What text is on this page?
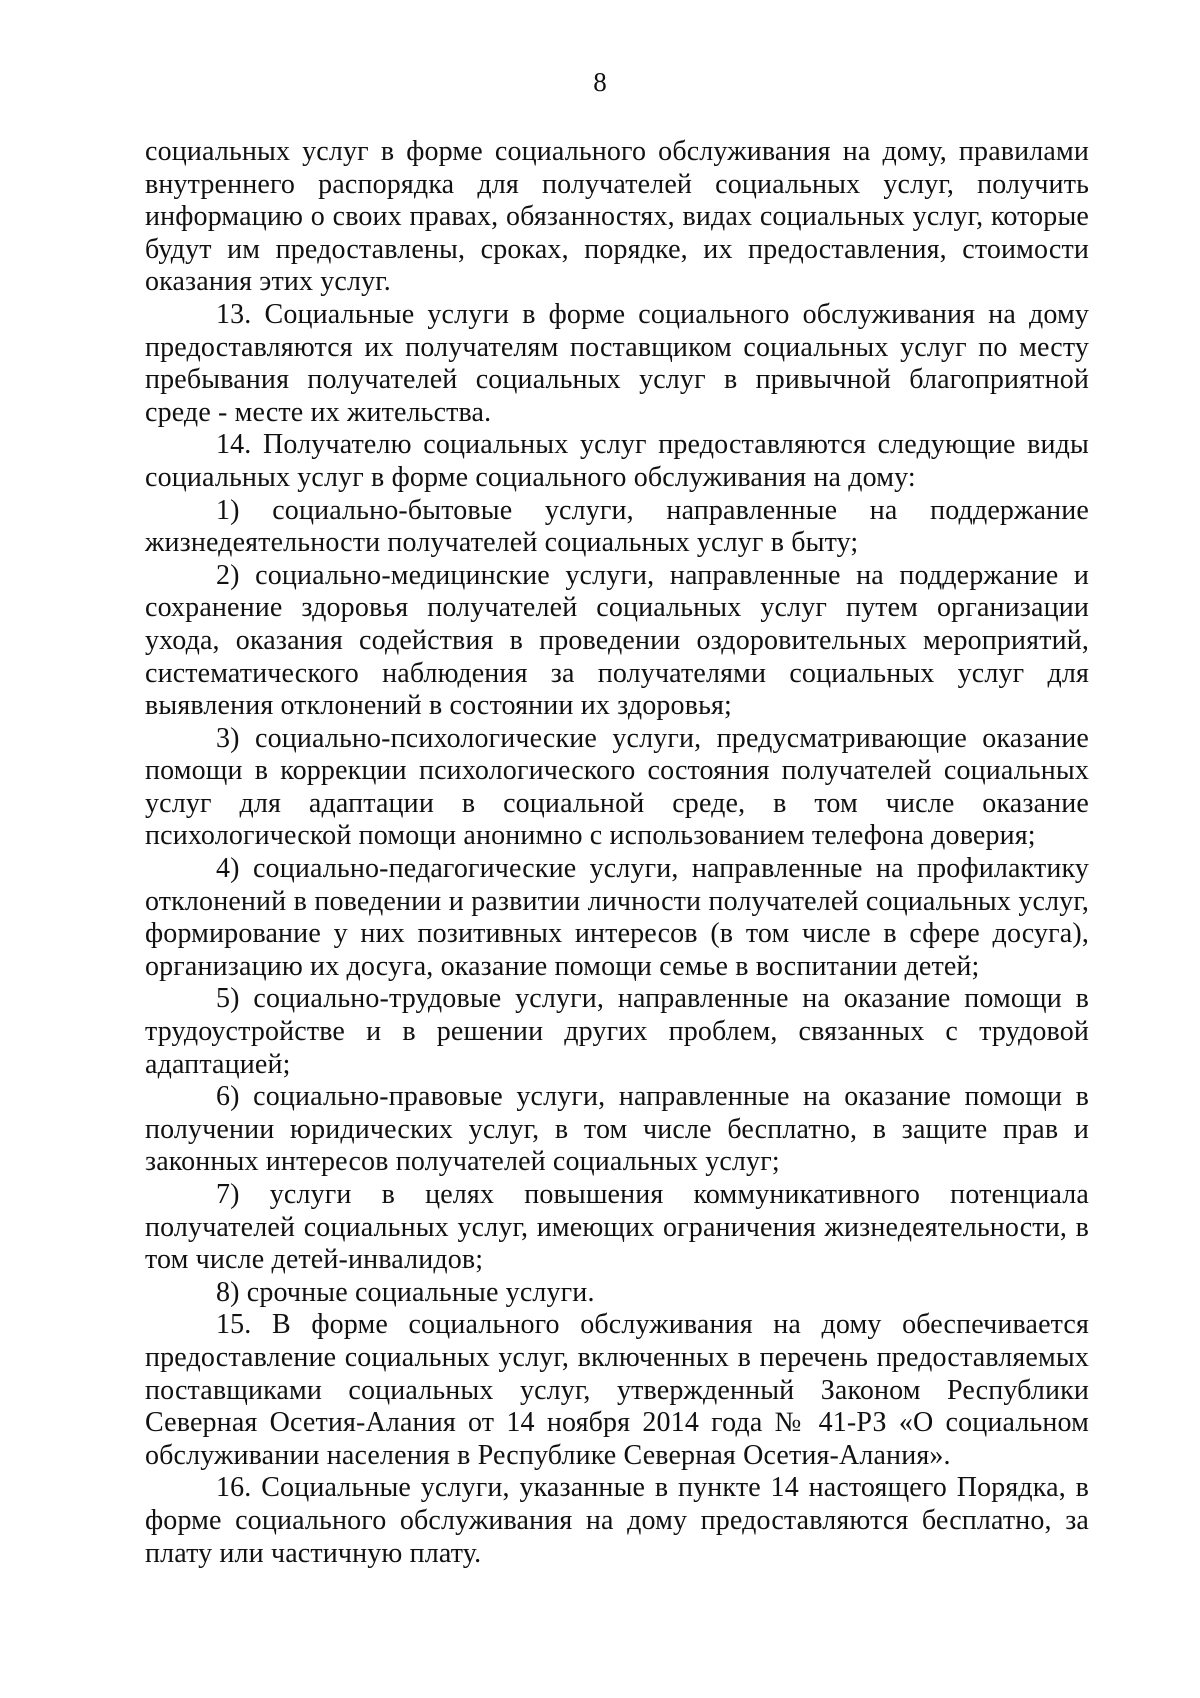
8

социальных услуг в форме социального обслуживания на дому, правилами внутреннего распорядка для получателей социальных услуг, получить информацию о своих правах, обязанностях, видах социальных услуг, которые будут им предоставлены, сроках, порядке, их предоставления, стоимости оказания этих услуг.

13. Социальные услуги в форме социального обслуживания на дому предоставляются их получателям поставщиком социальных услуг по месту пребывания получателей социальных услуг в привычной благоприятной среде - месте их жительства.

14. Получателю социальных услуг предоставляются следующие виды социальных услуг в форме социального обслуживания на дому:

1) социально-бытовые услуги, направленные на поддержание жизнедеятельности получателей социальных услуг в быту;

2) социально-медицинские услуги, направленные на поддержание и сохранение здоровья получателей социальных услуг путем организации ухода, оказания содействия в проведении оздоровительных мероприятий, систематического наблюдения за получателями социальных услуг для выявления отклонений в состоянии их здоровья;

3) социально-психологические услуги, предусматривающие оказание помощи в коррекции психологического состояния получателей социальных услуг для адаптации в социальной среде, в том числе оказание психологической помощи анонимно с использованием телефона доверия;

4) социально-педагогические услуги, направленные на профилактику отклонений в поведении и развитии личности получателей социальных услуг, формирование у них позитивных интересов (в том числе в сфере досуга), организацию их досуга, оказание помощи семье в воспитании детей;

5) социально-трудовые услуги, направленные на оказание помощи в трудоустройстве и в решении других проблем, связанных с трудовой адаптацией;

6) социально-правовые услуги, направленные на оказание помощи в получении юридических услуг, в том числе бесплатно, в защите прав и законных интересов получателей социальных услуг;

7) услуги в целях повышения коммуникативного потенциала получателей социальных услуг, имеющих ограничения жизнедеятельности, в том числе детей-инвалидов;

8) срочные социальные услуги.

15. В форме социального обслуживания на дому обеспечивается предоставление социальных услуг, включенных в перечень предоставляемых поставщиками социальных услуг, утвержденный Законом Республики Северная Осетия-Алания от 14 ноября 2014 года № 41-РЗ «О социальном обслуживании населения в Республике Северная Осетия-Алания».

16. Социальные услуги, указанные в пункте 14 настоящего Порядка, в форме социального обслуживания на дому предоставляются бесплатно, за плату или частичную плату.
